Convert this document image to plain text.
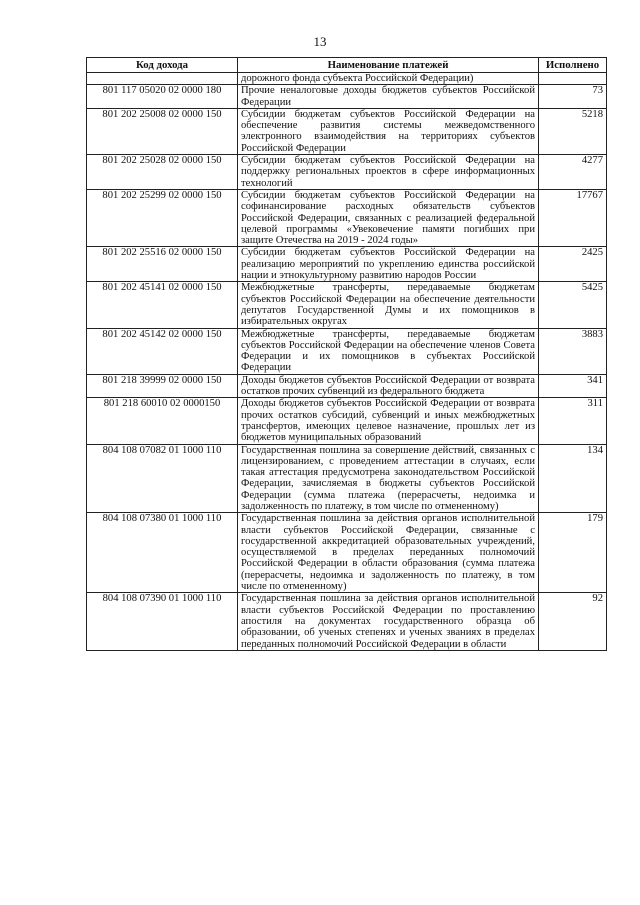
13
Код дохода	Наименование платежей	Исполнено
	дорожного фонда субъекта Российской Федерации)	
801 117 05020 02 0000 180	Прочие неналоговые доходы бюджетов субъектов Российской Федерации	73
801 202 25008 02 0000 150	Субсидии бюджетам субъектов Российской Федерации на обеспечение развития системы межведомственного электронного взаимодействия на территориях субъектов Российской Федерации	5218
801 202 25028 02 0000 150	Субсидии бюджетам субъектов Российской Федерации на поддержку региональных проектов в сфере информационных технологий	4277
801 202 25299 02 0000 150	Субсидии бюджетам субъектов Российской Федерации на софинансирование расходных обязательств субъектов Российской Федерации, связанных с реализацией федеральной целевой программы «Увековечение памяти погибших при защите Отечества на 2019 - 2024 годы»	17767
801 202 25516 02 0000 150	Субсидии бюджетам субъектов Российской Федерации на реализацию мероприятий по укреплению единства российской нации и этнокультурному развитию народов России	2425
801 202 45141 02 0000 150	Межбюджетные трансферты, передаваемые бюджетам субъектов Российской Федерации на обеспечение деятельности депутатов Государственной Думы и их помощников в избирательных округах	5425
801 202 45142 02 0000 150	Межбюджетные трансферты, передаваемые бюджетам субъектов Российской Федерации на обеспечение членов Совета Федерации и их помощников в субъектах Российской Федерации	3883
801 218 39999 02 0000 150	Доходы бюджетов субъектов Российской Федерации от возврата остатков прочих субвенций из федерального бюджета	341
801 218 60010 02 0000150	Доходы бюджетов субъектов Российской Федерации от возврата прочих остатков субсидий, субвенций и иных межбюджетных трансфертов, имеющих целевое назначение, прошлых лет из бюджетов муниципальных образований	311
804 108 07082 01 1000 110	Государственная пошлина за совершение действий, связанных с лицензированием, с проведением аттестации в случаях, если такая аттестация предусмотрена законодательством Российской Федерации, зачисляемая в бюджеты субъектов Российской Федерации (сумма платежа (перерасчеты, недоимка и задолженность по платежу, в том числе по отмененному)	134
804 108 07380 01 1000 110	Государственная пошлина за действия органов исполнительной власти субъектов Российской Федерации, связанные с государственной аккредитацией образовательных учреждений, осуществляемой в пределах переданных полномочий Российской Федерации в области образования (сумма платежа (перерасчеты, недоимка и задолженность по платежу, в том числе по отмененному)	179
804 108 07390 01 1000 110	Государственная пошлина за действия органов исполнительной власти субъектов Российской Федерации по проставлению апостиля на документах государственного образца об образовании, об ученых степенях и ученых званиях в пределах переданных полномочий Российской Федерации в области	92
